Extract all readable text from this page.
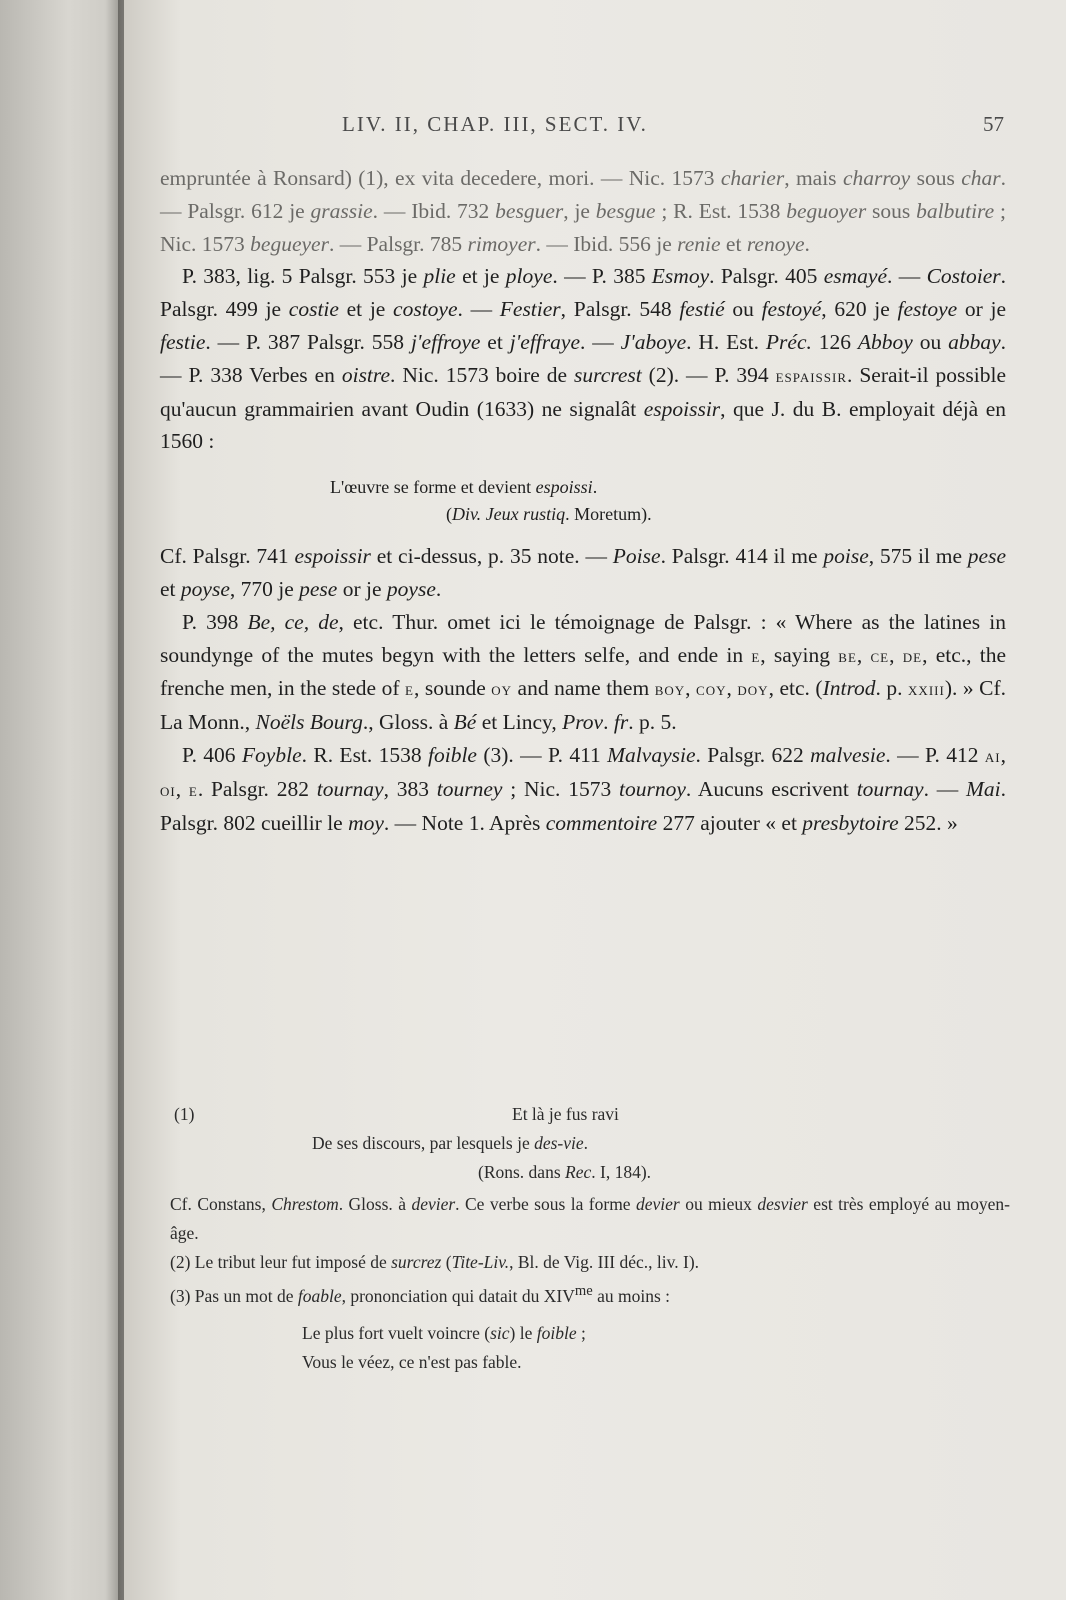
LIV. II, CHAP. III, SECT. IV.	57

empruntée à Ronsard) (1), ex vita decedere, mori. — Nic. 1573 charier, mais charroy sous char. — Palsgr. 612 je grassie. — Ibid. 732 besguer, je besgue ; R. Est. 1538 beguoyer sous balbutire ; Nic. 1573 begueyer. — Palsgr. 785 rimoyer. — Ibid. 556 je renie et renoye.

P. 383, lig. 5 Palsgr. 553 je plie et je ploye. — P. 385 Esmoy. Palsgr. 405 esmayé. — Costoier. Palsgr. 499 je costie et je costoye. — Festier, Palsgr. 548 festié ou festoyé, 620 je festoye or je festie. — P. 387 Palsgr. 558 j'effroye et j'effraye. — J'aboye. H. Est. Préc. 126 Abboy ou abbay. — P. 338 Verbes en oistre. Nic. 1573 boire de surcrest (2). — P. 394 espaissir. Serait-il possible qu'aucun grammairien avant Oudin (1633) ne signalât espoissir, que J. du B. employait déjà en 1560 :

L'œuvre se forme et devient espoissi.
(Div. Jeux rustiq. Moretum).

Cf. Palsgr. 741 espoissir et ci-dessus, p. 35 note. — Poise. Palsgr. 414 il me poise, 575 il me pese et poyse, 770 je pese or je poyse.

P. 398 Be, ce, de, etc. Thur. omet ici le témoignage de Palsgr. : « Where as the latines in soundynge of the mutes begyn with the letters selfe, and ende in e, saying be, ce, de, etc., the frenche men, in the stede of e, sounde oy and name them boy, coy, doy, etc. (Introd. p. xxiii). » Cf. La Monn., Noëls Bourg., Gloss. à Bé et Lincy, Prov. fr. p. 5.

P. 406 Foyble. R. Est. 1538 foible (3). — P. 411 Malvaysie. Palsgr. 622 malvesie. — P. 412 ai, oi, e. Palsgr. 282 tournay, 383 tourney ; Nic. 1573 tournoy. Aucuns escrivent tournay. — Mai. Palsgr. 802 cueillir le moy. — Note 1. Après commentoire 277 ajouter « et presbytoire 252. »

(1)	Et là je fus ravi
De ses discours, par lesquels je des-vie.
(Rons. dans Rec. I, 184).

Cf. Constans, Chrestom. Gloss. à devier. Ce verbe sous la forme devier ou mieux desvier est très employé au moyen-âge.

(2) Le tribut leur fut imposé de surcrez (Tite-Liv., Bl. de Vig. III déc., liv. I).

(3) Pas un mot de foable, prononciation qui datait du $XIV^{me}$ au moins :

Le plus fort vuelt voincre (sic) le foible ;

Vous le véez, ce n'est pas fable.
